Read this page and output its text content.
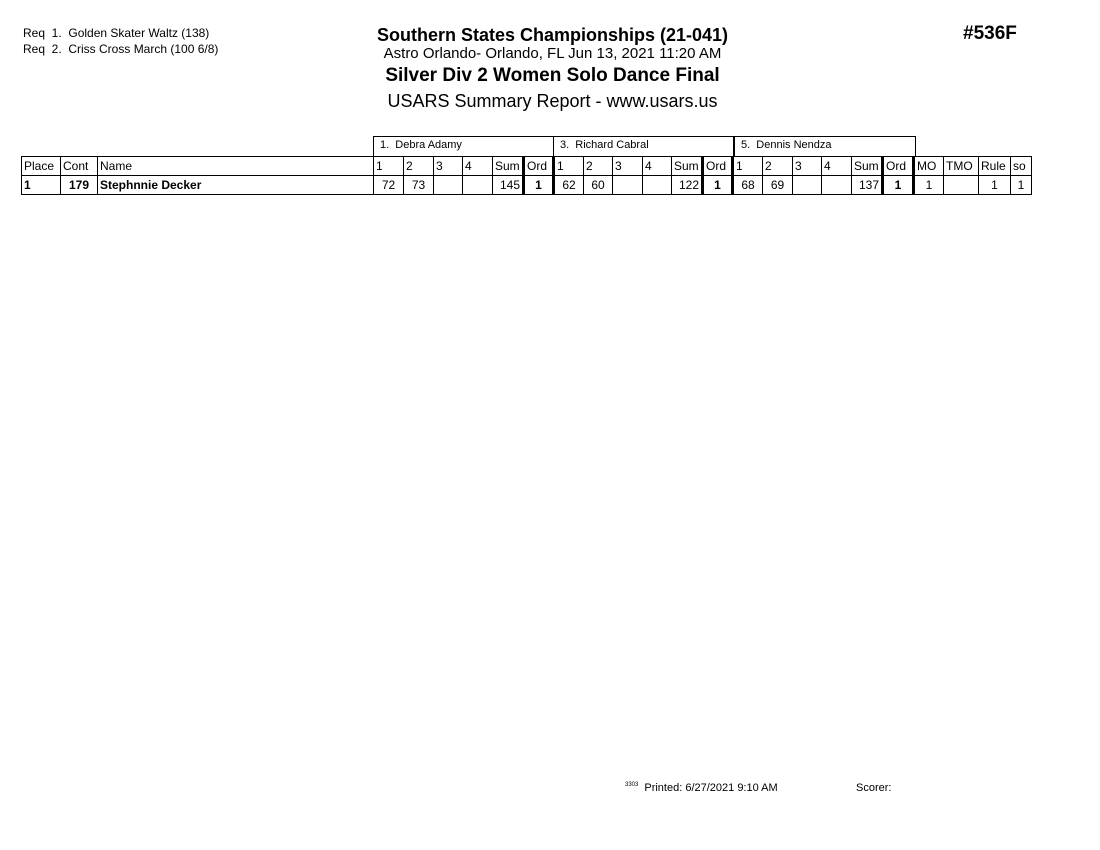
Req  1.  Golden Skater Waltz (138)
Req  2.  Criss Cross March (100 6/8)
Southern States Championships (21-041)
Astro Orlando- Orlando, FL Jun 13, 2021 11:20 AM
Silver Div 2 Women Solo Dance Final
USARS Summary Report - www.usars.us
#536F
1.  Debra Adamy	3.  Richard Cabral	5.  Dennis Nendza
Place	Cont	Name	1	2	3	4	Sum	Ord	1	2	3	4	Sum	Ord	1	2	3	4	Sum	Ord	MO	TMO	Rule	so
1	179	Stephnnie Decker	72	73			145	1	62	60			122	1	68	69			137	1	1		1	1
$^{3303}$ Printed: 6/27/2021 9:10 AM	Scorer:
